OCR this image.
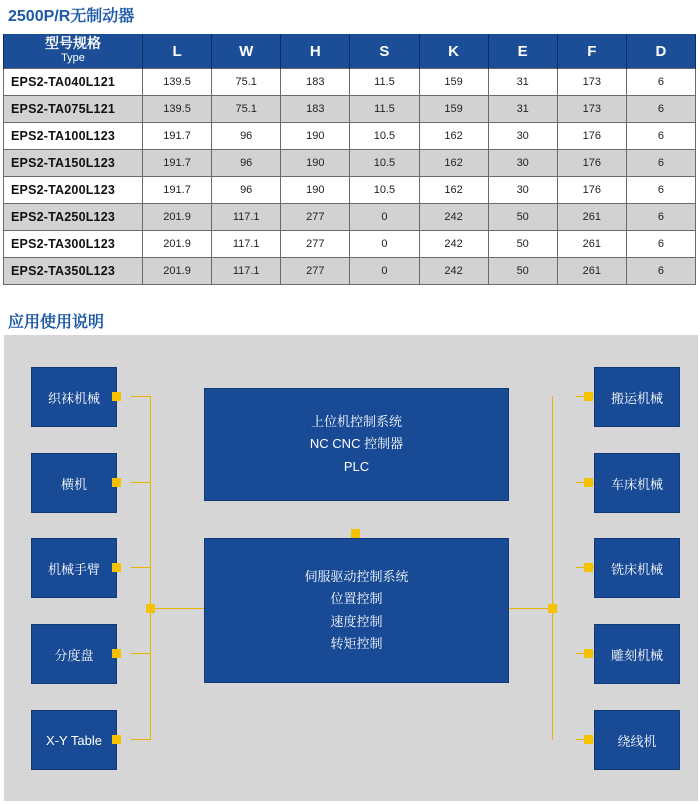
2500P/R无制动器
型号规格
Type	L	W	H	S	K	E	F	D
EPS2-TA040L121	139.5	75.1	183	11.5	159	31	173	6
EPS2-TA075L121	139.5	75.1	183	11.5	159	31	173	6
EPS2-TA100L123	191.7	96	190	10.5	162	30	176	6
EPS2-TA150L123	191.7	96	190	10.5	162	30	176	6
EPS2-TA200L123	191.7	96	190	10.5	162	30	176	6
EPS2-TA250L123	201.9	117.1	277	0	242	50	261	6
EPS2-TA300L123	201.9	117.1	277	0	242	50	261	6
EPS2-TA350L123	201.9	117.1	277	0	242	50	261	6
应用使用说明
织袜机械
横机
机械手臂
分度盘
X-Y Table
搬运机械
车床机械
铣床机械
雕刻机械
绕线机
上位机控制系统
NC CNC 控制器
PLC
伺服驱动控制系统
位置控制
速度控制
转矩控制
